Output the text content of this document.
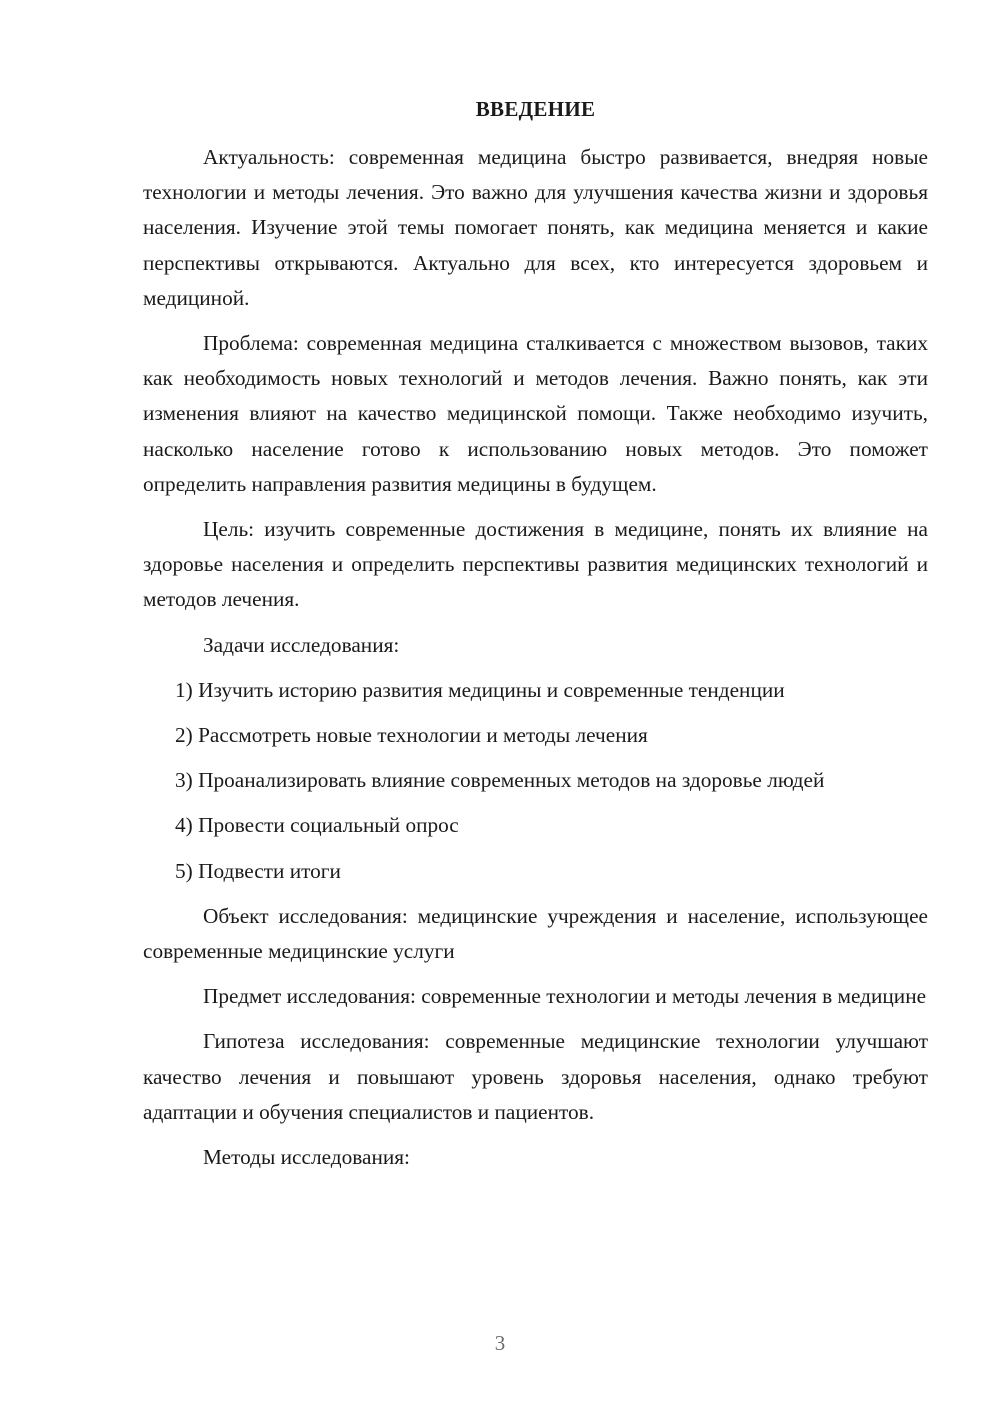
ВВЕДЕНИЕ

Актуальность: современная медицина быстро развивается, внедряя новые технологии и методы лечения. Это важно для улучшения качества жизни и здоровья населения. Изучение этой темы помогает понять, как медицина меняется и какие перспективы открываются. Актуально для всех, кто интересуется здоровьем и медициной.

Проблема: современная медицина сталкивается с множеством вызовов, таких как необходимость новых технологий и методов лечения. Важно понять, как эти изменения влияют на качество медицинской помощи. Также необходимо изучить, насколько население готово к использованию новых методов. Это поможет определить направления развития медицины в будущем.

Цель: изучить современные достижения в медицине, понять их влияние на здоровье населения и определить перспективы развития медицинских технологий и методов лечения.

Задачи исследования:

1) Изучить историю развития медицины и современные тенденции

2) Рассмотреть новые технологии и методы лечения

3) Проанализировать влияние современных методов на здоровье людей

4) Провести социальный опрос

5) Подвести итоги

Объект исследования: медицинские учреждения и население, использующее современные медицинские услуги

Предмет исследования: современные технологии и методы лечения в медицине

Гипотеза исследования: современные медицинские технологии улучшают качество лечения и повышают уровень здоровья населения, однако требуют адаптации и обучения специалистов и пациентов.

Методы исследования:

3
